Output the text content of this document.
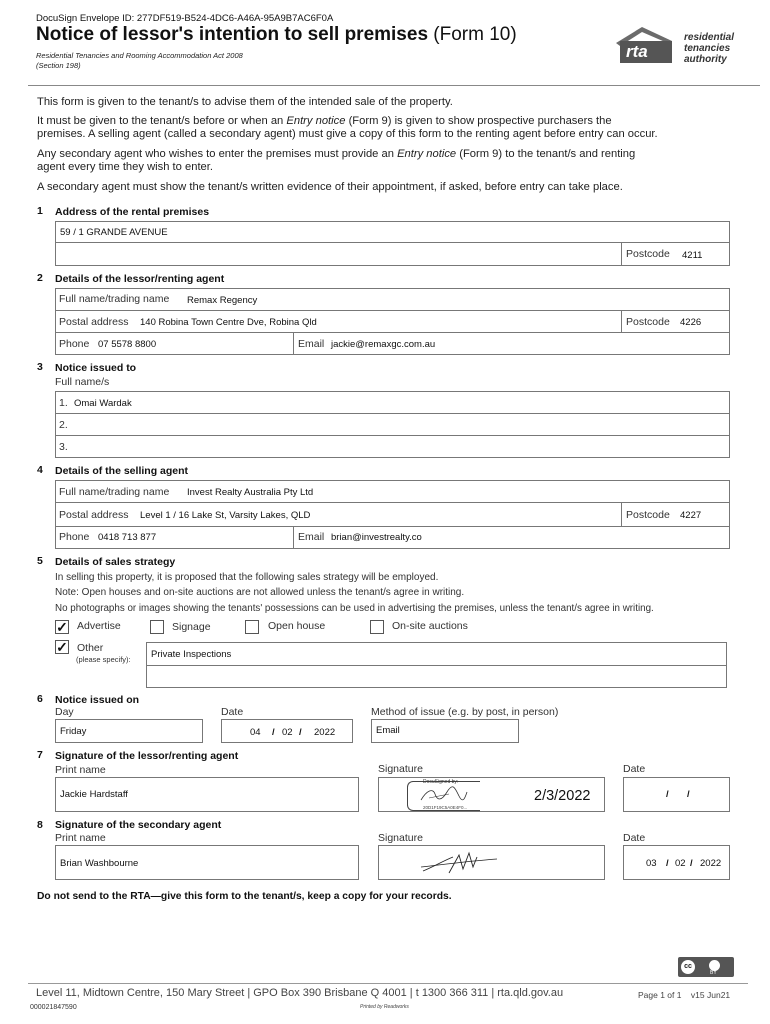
DocuSign Envelope ID: 277DF519-B524-4DC6-A46A-95A9B7AC6F0A
Notice of lessor's intention to sell premises (Form 10)
Residential Tenancies and Rooming Accommodation Act 2008
(Section 198)
rta
residential
tenancies
authority
This form is given to the tenant/s to advise them of the intended sale of the property.
It must be given to the tenant/s before or when an Entry notice (Form 9) is given to show prospective purchasers the
premises. A selling agent (called a secondary agent) must give a copy of this form to the renting agent before entry can occur.
Any secondary agent who wishes to enter the premises must provide an Entry notice (Form 9) to the tenant/s and renting
agent every time they wish to enter.
A secondary agent must show the tenant/s written evidence of their appointment, if asked, before entry can take place.
1 Address of the rental premises
59 / 1 GRANDE AVENUE
Postcode 4211
2 Details of the lessor/renting agent
Full name/trading name Remax Regency
Postal address 140 Robina Town Centre Dve, Robina Qld	Postcode 4226
Phone 07 5578 8800	Email jackie@remaxgc.com.au
3 Notice issued to
Full name/s
1. Omai Wardak
2.
3.
4 Details of the selling agent
Full name/trading name Invest Realty Australia Pty Ltd
Postal address Level 1 / 16 Lake St, Varsity Lakes, QLD	Postcode 4227
Phone 0418 713 877	Email brian@investrealty.co
5 Details of sales strategy
In selling this property, it is proposed that the following sales strategy will be employed.
Note: Open houses and on-site auctions are not allowed unless the tenant/s agree in writing.
No photographs or images showing the tenants' possessions can be used in advertising the premises, unless the tenant/s agree in writing.
✓ Advertise	Signage	Open house	On-site auctions
✓ Other
(please specify): Private Inspections
6 Notice issued on
Day
Friday
Date
04 / 02 / 2022
Method of issue (e.g. by post, in person)
Email
7 Signature of the lessor/renting agent
Print name
Jackie Hardstaff
Signature
DocuSigned by:
20D1F19C5A0E4F0...
2/3/2022
Date
/ /
8 Signature of the secondary agent
Print name
Brian Washbourne
Signature	Date
03 / 02 / 2022
Do not send to the RTA—give this form to the tenant/s, keep a copy for your records.
cc
BY
Level 11, Midtown Centre, 150 Mary Street | GPO Box 390 Brisbane Q 4001 | t 1300 366 311 | rta.qld.gov.au	Page 1 of 1    v15 Jun21
000021847590	Printed by Readworks
